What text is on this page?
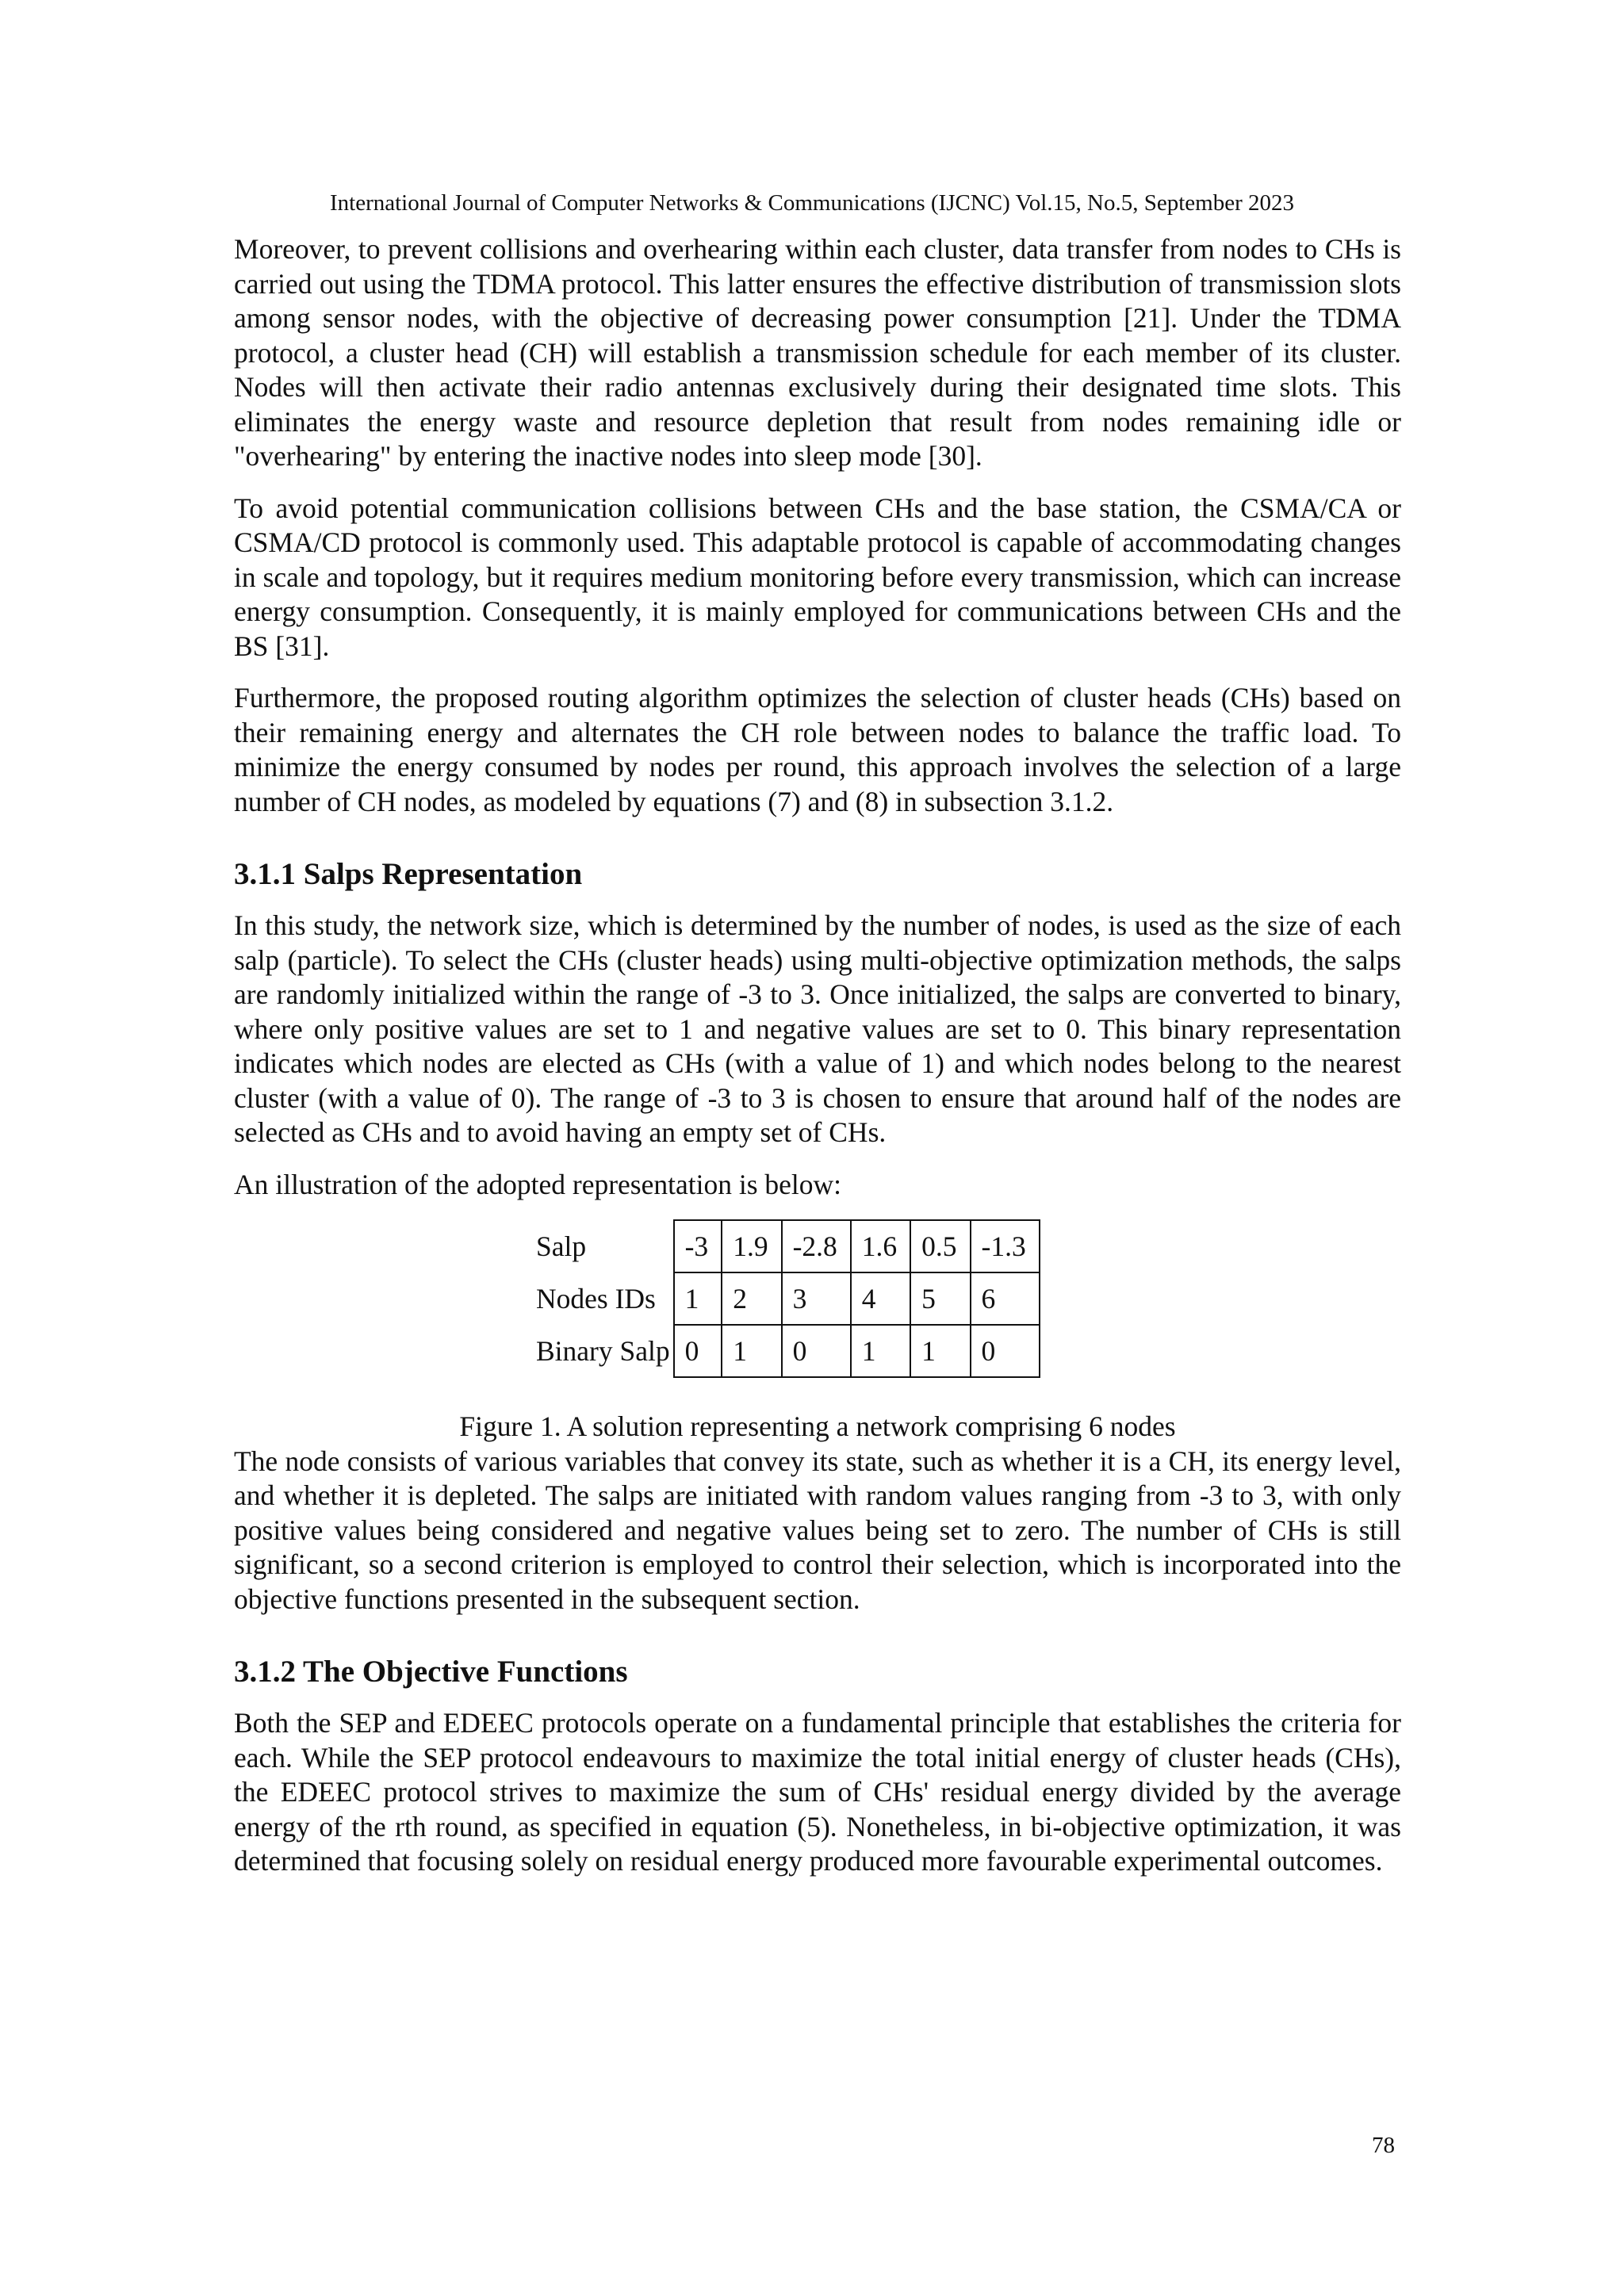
International Journal of Computer Networks & Communications (IJCNC) Vol.15, No.5, September 2023

Moreover, to prevent collisions and overhearing within each cluster, data transfer from nodes to CHs is carried out using the TDMA protocol. This latter ensures the effective distribution of transmission slots among sensor nodes, with the objective of decreasing power consumption [21]. Under the TDMA protocol, a cluster head (CH) will establish a transmission schedule for each member of its cluster. Nodes will then activate their radio antennas exclusively during their designated time slots. This eliminates the energy waste and resource depletion that result from nodes remaining idle or "overhearing" by entering the inactive nodes into sleep mode [30].

To avoid potential communication collisions between CHs and the base station, the CSMA/CA or CSMA/CD protocol is commonly used. This adaptable protocol is capable of accommodating changes in scale and topology, but it requires medium monitoring before every transmission, which can increase energy consumption. Consequently, it is mainly employed for communications between CHs and the BS [31].

Furthermore, the proposed routing algorithm optimizes the selection of cluster heads (CHs) based on their remaining energy and alternates the CH role between nodes to balance the traffic load. To minimize the energy consumed by nodes per round, this approach involves the selection of a large number of CH nodes, as modeled by equations (7) and (8) in subsection 3.1.2.

3.1.1 Salps Representation

In this study, the network size, which is determined by the number of nodes, is used as the size of each salp (particle). To select the CHs (cluster heads) using multi-objective optimization methods, the salps are randomly initialized within the range of -3 to 3. Once initialized, the salps are converted to binary, where only positive values are set to 1 and negative values are set to 0. This binary representation indicates which nodes are elected as CHs (with a value of 1) and which nodes belong to the nearest cluster (with a value of 0). The range of -3 to 3 is chosen to ensure that around half of the nodes are selected as CHs and to avoid having an empty set of CHs.

An illustration of the adopted representation is below:

Salp	-3	1.9	-2.8	1.6	0.5	-1.3
Nodes IDs	1	2	3	4	5	6
Binary Salp	0	1	0	1	1	0
Figure 1. A solution representing a network comprising 6 nodes

The node consists of various variables that convey its state, such as whether it is a CH, its energy level, and whether it is depleted. The salps are initiated with random values ranging from -3 to 3, with only positive values being considered and negative values being set to zero. The number of CHs is still significant, so a second criterion is employed to control their selection, which is incorporated into the objective functions presented in the subsequent section.

3.1.2 The Objective Functions

Both the SEP and EDEEC protocols operate on a fundamental principle that establishes the criteria for each. While the SEP protocol endeavours to maximize the total initial energy of cluster heads (CHs), the EDEEC protocol strives to maximize the sum of CHs' residual energy divided by the average energy of the rth round, as specified in equation (5). Nonetheless, in bi-objective optimization, it was determined that focusing solely on residual energy produced more favourable experimental outcomes.

78
